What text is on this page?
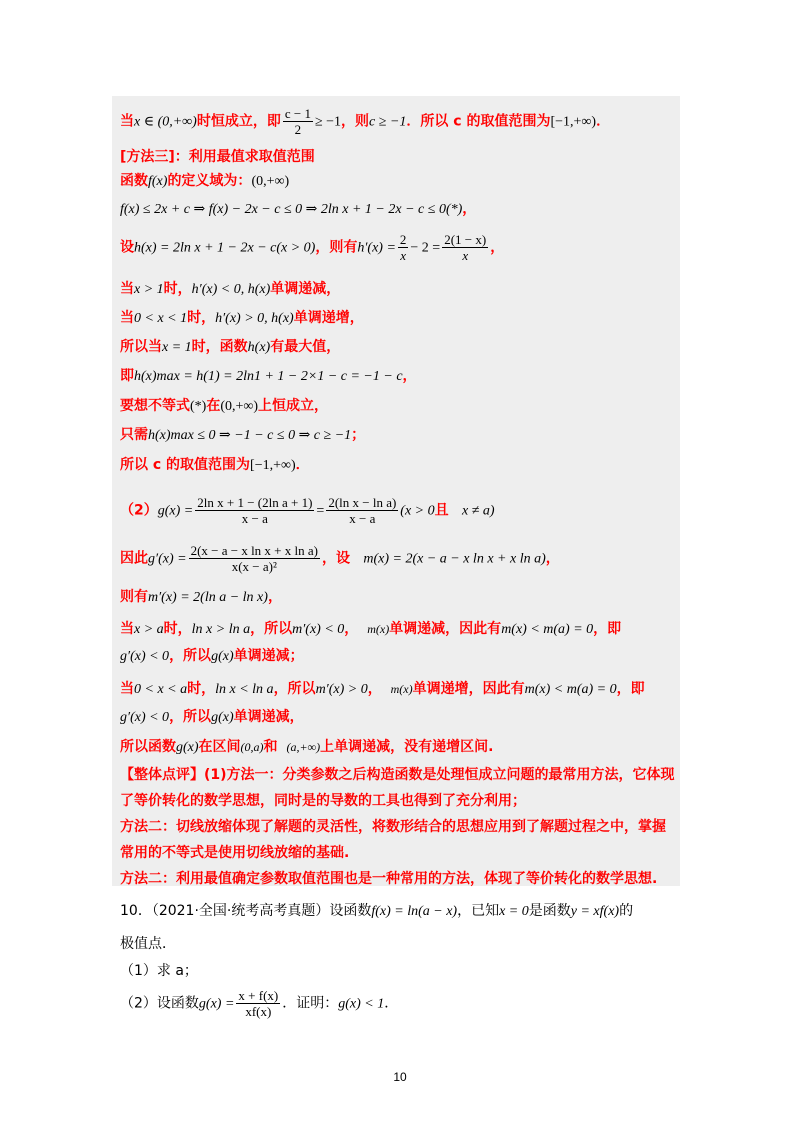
当x ∈ (0,+∞)时恒成立，即 $\frac{c - 1}{2} \ge -1$，则c ≥ −1．所以 c 的取值范围为[−1,+∞)．
[方法三]：利用最值求取值范围
函数f(x)的定义域为：(0,+∞)
f(x) ≤ 2x + c ⇒ f(x) − 2x − c ≤ 0 ⇒ 2ln x + 1 − 2x − c ≤ 0(*)，
设h(x) = 2ln x + 1 − 2x − c(x > 0)，则有$h'(x) = \frac{2}{x} - 2 = \frac{2(1 - x)}{x}$ ，
当x > 1时，h′(x) < 0, h(x)单调递减，
当0 < x < 1时，h′(x) > 0, h(x)单调递增，
所以当x = 1时，函数h(x)有最大值，
即h(x)max = h(1) = 2ln1 + 1 − 2×1 − c = −1 − c，
要想不等式(*)在(0,+∞)上恒成立，
只需h(x)max ≤ 0 ⇒ −1 − c ≤ 0 ⇒ c ≥ −1；
所以 c 的取值范围为[−1,+∞)．
$(2)g(x) = \frac{\text{2ln x + 1 − (2ln a + 1)}}{x - a} = \frac{\text{2(ln x − ln a)}}{x - a} (x > 0$且 x ≠ a)
因此$g'(x) = \frac{\text{2(x − a − x ln x + x ln a)}}{\text{x(x − a)²}}$ ，设 m(x) = 2(x − a − x ln x + x ln a)，
则有m′(x) = 2(ln a − ln x)，
当x > a时，ln x > ln a，所以m′(x) < 0， m(x)单调递减，因此有m(x) < m(a) = 0，即
g′(x) < 0，所以g(x)单调递减；
当0 < x < a时，ln x < ln a，所以m′(x) > 0， m(x)单调递增，因此有m(x) < m(a) = 0，即
g′(x) < 0，所以g(x)单调递减，
所以函数g(x)在区间(0,a)和 (a,+∞)上单调递减，没有递增区间.
【整体点评】(1)方法一：分类参数之后构造函数是处理恒成立问题的最常用方法，它体现
了等价转化的数学思想，同时是的导数的工具也得到了充分利用；
方法二：切线放缩体现了解题的灵活性，将数形结合的思想应用到了解题过程之中，掌握
常用的不等式是使用切线放缩的基础.
方法二：利用最值确定参数取值范围也是一种常用的方法，体现了等价转化的数学思想.
10．（2021·全国·统考高考真题）设函数f(x) = ln(a − x)，已知x = 0是函数y = xf(x)的
极值点．
（1）求 a；
（2）设函数$g(x) = \frac{x + f(x)}{xf(x)}$ ．证明：g(x) < 1．
10
